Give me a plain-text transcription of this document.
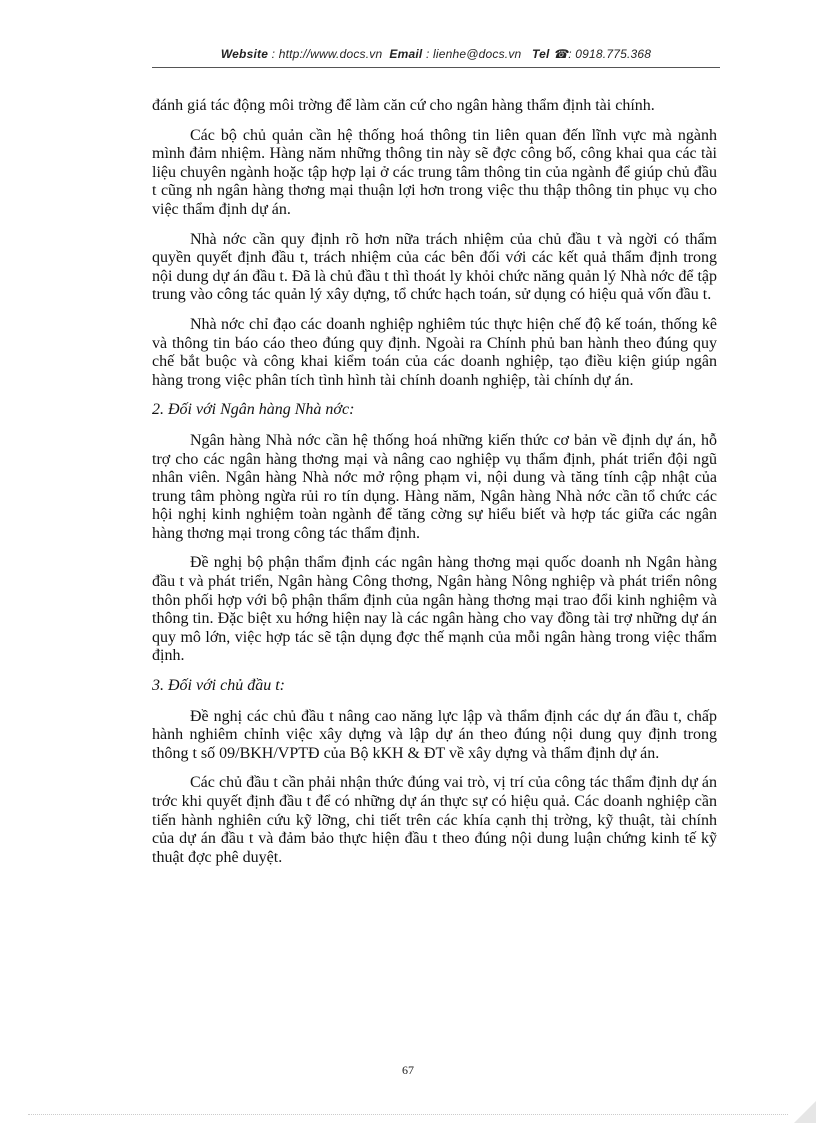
Website : http://www.docs.vn Email : lienhe@docs.vn Tel ☎: 0918.775.368

đánh giá tác động môi trờng để làm căn cứ cho ngân hàng thẩm định tài chính.

Các bộ chủ quản cần hệ thống hoá thông tin liên quan đến lĩnh vực mà ngành mình đảm nhiệm. Hàng năm những thông tin này sẽ đợc công bố, công khai qua các tài liệu chuyên ngành hoặc tập hợp lại ở các trung tâm thông tin của ngành để giúp chủ đầu t cũng nh ngân hàng thơng mại thuận lợi hơn trong việc thu thập thông tin phục vụ cho việc thẩm định dự án.

Nhà nớc cần quy định rõ hơn nữa trách nhiệm của chủ đầu t và ngời có thẩm quyền quyết định đầu t, trách nhiệm của các bên đối với các kết quả thẩm định trong nội dung dự án đầu t. Đã là chủ đầu t thì thoát ly khỏi chức năng quản lý Nhà nớc để tập trung vào công tác quản lý xây dựng, tổ chức hạch toán, sử dụng có hiệu quả vốn đầu t.

Nhà nớc chỉ đạo các doanh nghiệp nghiêm túc thực hiện chế độ kế toán, thống kê và thông tin báo cáo theo đúng quy định. Ngoài ra Chính phủ ban hành theo đúng quy chế bắt buộc và công khai kiểm toán của các doanh nghiệp, tạo điều kiện giúp ngân hàng trong việc phân tích tình hình tài chính doanh nghiệp, tài chính dự án.

2. Đối với Ngân hàng Nhà nớc:

Ngân hàng Nhà nớc cần hệ thống hoá những kiến thức cơ bản về định dự án, hỗ trợ cho các ngân hàng thơng mại và nâng cao nghiệp vụ thẩm định, phát triển đội ngũ nhân viên. Ngân hàng Nhà nớc mở rộng phạm vi, nội dung và tăng tính cập nhật của trung tâm phòng ngừa rủi ro tín dụng. Hàng năm, Ngân hàng Nhà nớc cần tổ chức các hội nghị kinh nghiệm toàn ngành để tăng cờng sự hiểu biết và hợp tác giữa các ngân hàng thơng mại trong công tác thẩm định.

Đề nghị bộ phận thẩm định các ngân hàng thơng mại quốc doanh nh Ngân hàng đầu t và phát triển, Ngân hàng Công thơng, Ngân hàng Nông nghiệp và phát triển nông thôn phối hợp với bộ phận thẩm định của ngân hàng thơng mại trao đổi kinh nghiệm và thông tin. Đặc biệt xu hớng hiện nay là các ngân hàng cho vay đồng tài trợ những dự án quy mô lớn, việc hợp tác sẽ tận dụng đợc thế mạnh của mỗi ngân hàng trong việc thẩm định.

3. Đối với chủ đầu t:

Đề nghị các chủ đầu t nâng cao năng lực lập và thẩm định các dự án đầu t, chấp hành nghiêm chỉnh việc xây dựng và lập dự án theo đúng nội dung quy định trong thông t số 09/BKH/VPTĐ của Bộ kKH & ĐT về xây dựng và thẩm định dự án.

Các chủ đầu t cần phải nhận thức đúng vai trò, vị trí của công tác thẩm định dự án trớc khi quyết định đầu t để có những dự án thực sự có hiệu quả. Các doanh nghiệp cần tiến hành nghiên cứu kỹ lỡng, chi tiết trên các khía cạnh thị trờng, kỹ thuật, tài chính của dự án đầu t và đảm bảo thực hiện đầu t theo đúng nội dung luận chứng kinh tế kỹ thuật đợc phê duyệt.

67
